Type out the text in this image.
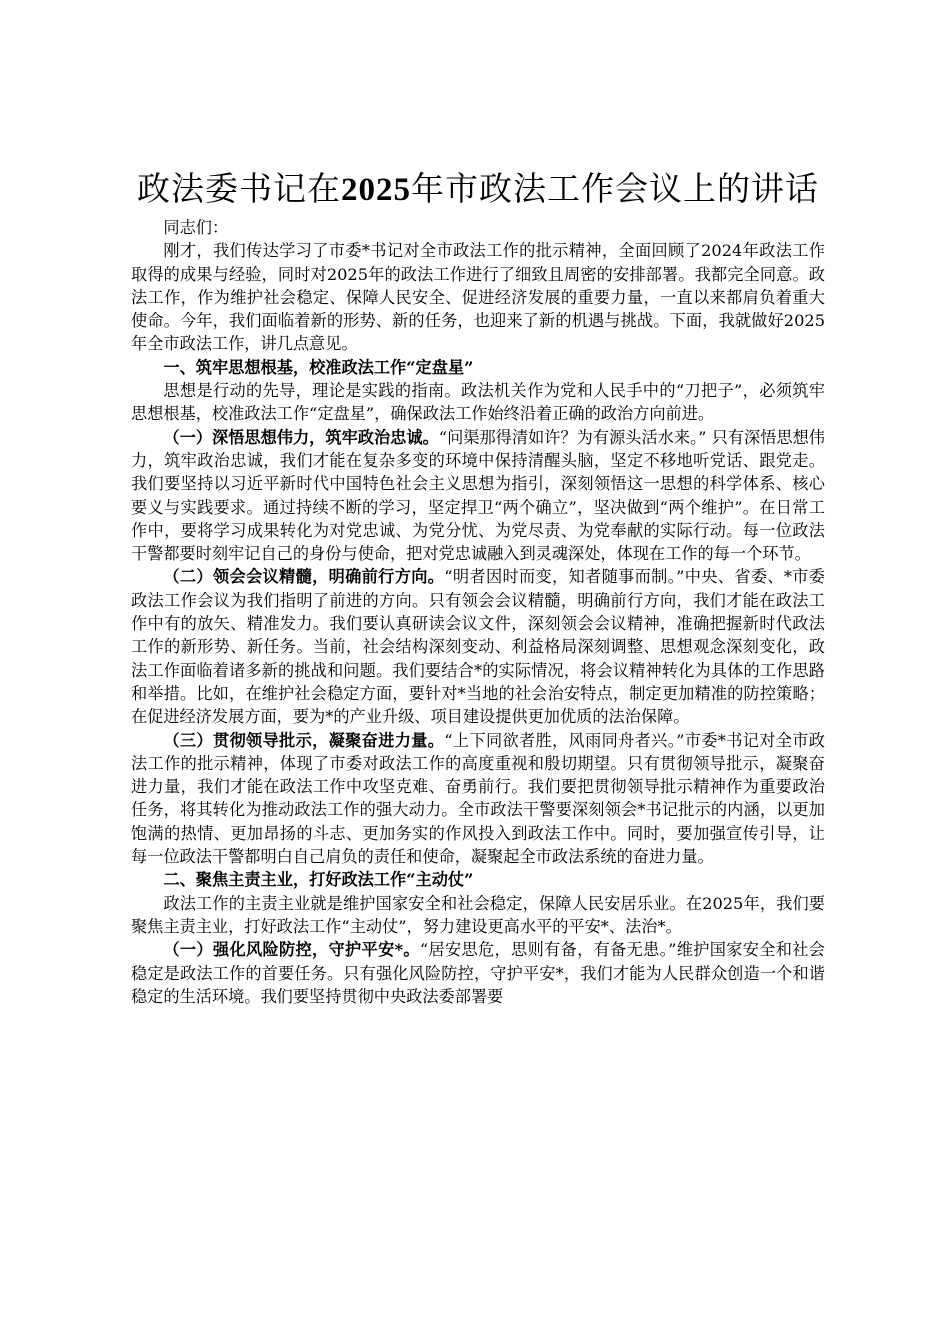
政法委书记在2025年市政法工作会议上的讲话

同志们：

刚才，我们传达学习了市委*书记对全市政法工作的批示精神，全面回顾了2024年政法工作取得的成果与经验，同时对2025年的政法工作进行了细致且周密的安排部署。我都完全同意。政法工作，作为维护社会稳定、保障人民安全、促进经济发展的重要力量，一直以来都肩负着重大使命。今年，我们面临着新的形势、新的任务，也迎来了新的机遇与挑战。下面，我就做好2025年全市政法工作，讲几点意见。

一、筑牢思想根基，校准政法工作“定盘星”

思想是行动的先导，理论是实践的指南。政法机关作为党和人民手中的“刀把子”，必须筑牢思想根基，校准政法工作“定盘星”，确保政法工作始终沿着正确的政治方向前进。

（一）深悟思想伟力，筑牢政治忠诚。“问渠那得清如许？为有源头活水来。” 只有深悟思想伟力，筑牢政治忠诚，我们才能在复杂多变的环境中保持清醒头脑，坚定不移地听党话、跟党走。我们要坚持以习近平新时代中国特色社会主义思想为指引，深刻领悟这一思想的科学体系、核心要义与实践要求。通过持续不断的学习，坚定捍卫“两个确立”，坚决做到“两个维护”。在日常工作中，要将学习成果转化为对党忠诚、为党分忧、为党尽责、为党奉献的实际行动。每一位政法干警都要时刻牢记自己的身份与使命，把对党忠诚融入到灵魂深处，体现在工作的每一个环节。

（二）领会会议精髓，明确前行方向。“明者因时而变，知者随事而制。”中央、省委、*市委政法工作会议为我们指明了前进的方向。只有领会会议精髓，明确前行方向，我们才能在政法工作中有的放矢、精准发力。我们要认真研读会议文件，深刻领会会议精神，准确把握新时代政法工作的新形势、新任务。当前，社会结构深刻变动、利益格局深刻调整、思想观念深刻变化，政法工作面临着诸多新的挑战和问题。我们要结合*的实际情况，将会议精神转化为具体的工作思路和举措。比如，在维护社会稳定方面，要针对*当地的社会治安特点，制定更加精准的防控策略；在促进经济发展方面，要为*的产业升级、项目建设提供更加优质的法治保障。

（三）贯彻领导批示，凝聚奋进力量。“上下同欲者胜，风雨同舟者兴。”市委*书记对全市政法工作的批示精神，体现了市委对政法工作的高度重视和殷切期望。只有贯彻领导批示，凝聚奋进力量，我们才能在政法工作中攻坚克难、奋勇前行。我们要把贯彻领导批示精神作为重要政治任务，将其转化为推动政法工作的强大动力。全市政法干警要深刻领会*书记批示的内涵，以更加饱满的热情、更加昂扬的斗志、更加务实的作风投入到政法工作中。同时，要加强宣传引导，让每一位政法干警都明白自己肩负的责任和使命，凝聚起全市政法系统的奋进力量。

二、聚焦主责主业，打好政法工作“主动仗”

政法工作的主责主业就是维护国家安全和社会稳定，保障人民安居乐业。在2025年，我们要聚焦主责主业，打好政法工作“主动仗”，努力建设更高水平的平安*、法治*。

（一）强化风险防控，守护平安*。“居安思危，思则有备，有备无患。”维护国家安全和社会稳定是政法工作的首要任务。只有强化风险防控，守护平安*，我们才能为人民群众创造一个和谐稳定的生活环境。我们要坚持贯彻中央政法委部署要
